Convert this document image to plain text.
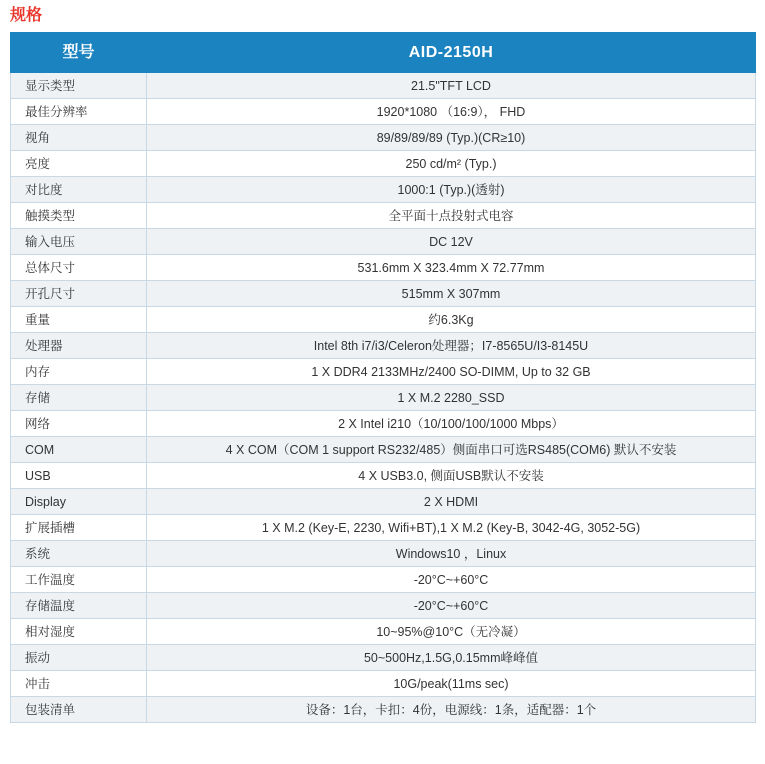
规格
型号	AID-2150H
显示类型	21.5"TFT LCD
最佳分辨率	1920*1080 （16:9）， FHD
视角	89/89/89/89 (Typ.)(CR≥10)
亮度	250 cd/m² (Typ.)
对比度	1000:1 (Typ.)(透射)
触摸类型	全平面十点投射式电容
输入电压	DC 12V
总体尺寸	531.6mm X 323.4mm X 72.77mm
开孔尺寸	515mm X 307mm
重量	约6.3Kg
处理器	Intel 8th i7/i3/Celeron处理器；I7-8565U/I3-8145U
内存	1 X DDR4 2133MHz/2400 SO-DIMM, Up to 32 GB
存储	1 X M.2 2280_SSD
网络	2 X Intel i210（10/100/100/1000 Mbps）
COM	4 X COM（COM 1 support RS232/485）侧面串口可选RS485(COM6) 默认不安装
USB	4 X USB3.0, 侧面USB默认不安装
Display	2 X HDMI
扩展插槽	1 X M.2 (Key-E, 2230, Wifi+BT),1 X M.2 (Key-B, 3042-4G, 3052-5G)
系统	Windows10 ，Linux
工作温度	-20°C~+60°C
存储温度	-20°C~+60°C
相对湿度	10~95%@10°C（无冷凝）
振动	50~500Hz,1.5G,0.15mm峰峰值
冲击	10G/peak(11ms sec)
包装清单	设备：1台，卡扣：4份，电源线：1条，适配器：1个
